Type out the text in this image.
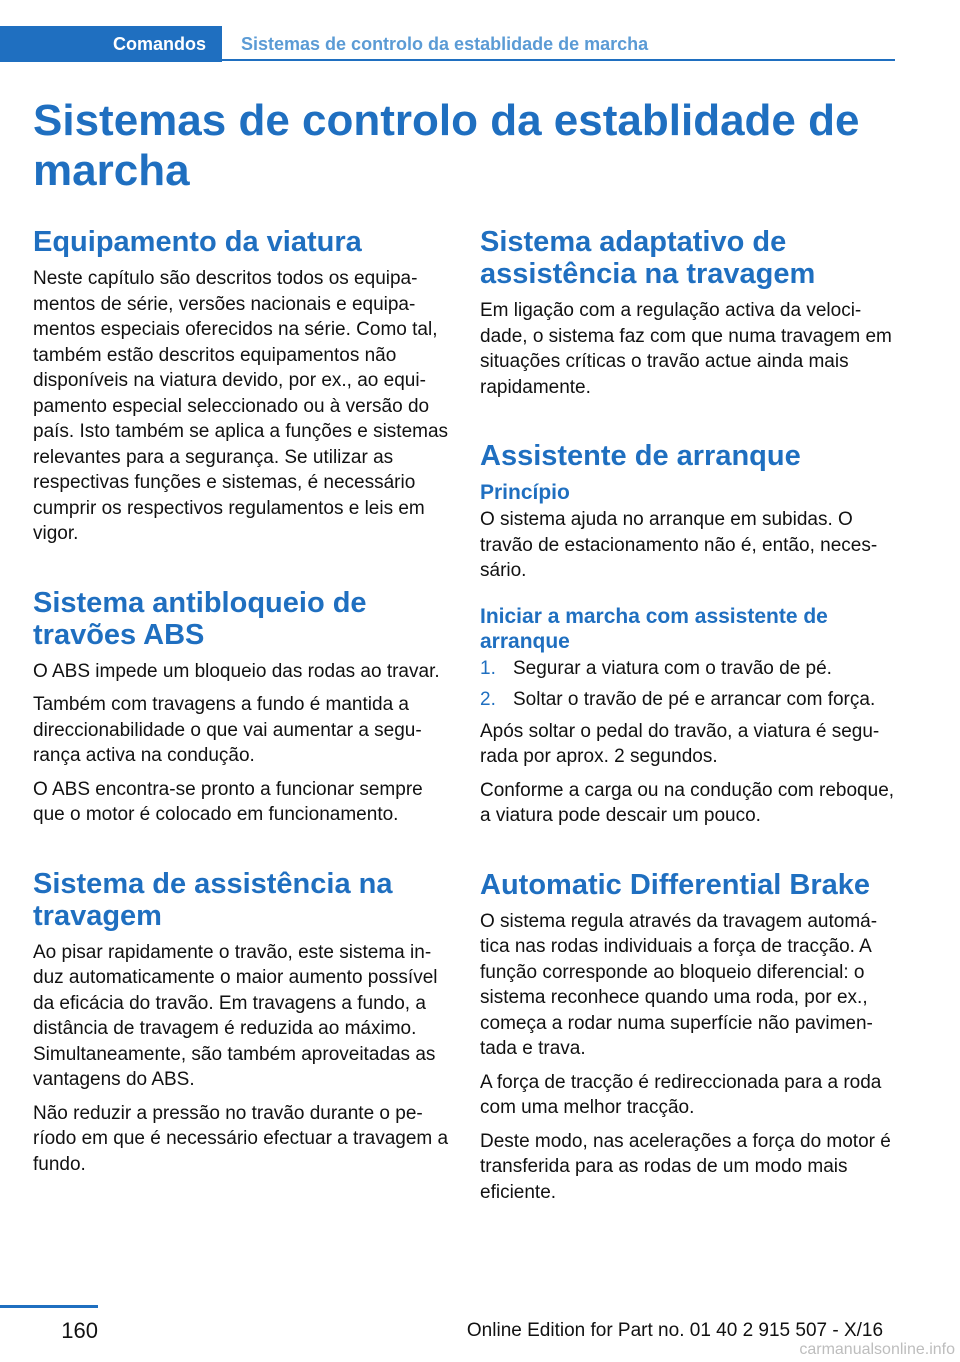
Comandos	Sistemas de controlo da establidade de marcha
Sistemas de controlo da establidade de marcha
Equipamento da viatura

Neste capítulo são descritos todos os equipamentos de série, versões nacionais e equipamentos especiais oferecidos na série. Como tal, também estão descritos equipamentos não disponíveis na viatura devido, por ex., ao equipamento especial seleccionado ou à versão do país. Isto também se aplica a funções e sistemas relevantes para a segurança. Se utilizar as respectivas funções e sistemas, é necessário cumprir os respectivos regulamentos e leis em vigor.

Sistema antibloqueio de travões ABS

O ABS impede um bloqueio das rodas ao travar.

Também com travagens a fundo é mantida a direccionabilidade o que vai aumentar a segurança activa na condução.

O ABS encontra-se pronto a funcionar sempre que o motor é colocado em funcionamento.

Sistema de assistência na travagem

Ao pisar rapidamente o travão, este sistema induz automaticamente o maior aumento possível da eficácia do travão. Em travagens a fundo, a distância de travagem é reduzida ao máximo. Simultaneamente, são também aproveitadas as vantagens do ABS.

Não reduzir a pressão no travão durante o período em que é necessário efectuar a travagem a fundo.

Sistema adaptativo de assistência na travagem

Em ligação com a regulação activa da velocidade, o sistema faz com que numa travagem em situações críticas o travão actue ainda mais rapidamente.

Assistente de arranque
Princípio

O sistema ajuda no arranque em subidas. O travão de estacionamento não é, então, necessário.

Iniciar a marcha com assistente de arranque
1. Segurar a viatura com o travão de pé.
2. Soltar o travão de pé e arrancar com força.

Após soltar o pedal do travão, a viatura é segurada por aprox. 2 segundos.

Conforme a carga ou na condução com reboque, a viatura pode descair um pouco.

Automatic Differential Brake

O sistema regula através da travagem automática nas rodas individuais a força de tracção. A função corresponde ao bloqueio diferencial: o sistema reconhece quando uma roda, por ex., começa a rodar numa superfície não pavimentada e trava.

A força de tracção é redireccionada para a roda com uma melhor tracção.

Deste modo, nas acelerações a força do motor é transferida para as rodas de um modo mais eficiente.

160	Online Edition for Part no. 01 40 2 915 507 - X/16
carmanualsonline.info
